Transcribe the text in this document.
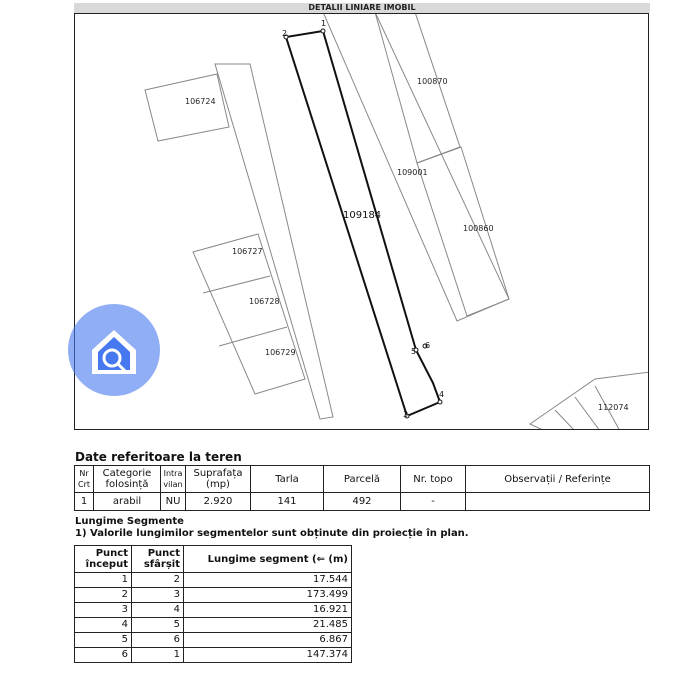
DETALII LINIARE IMOBIL
106724
100870
109001
100860
106727
106728
106729
112074
109184
1
2
3
4
5
6
Date referitoare la teren
Nr Crt	Categorie folosință	Intra vilan	Suprafața (mp)	Tarla	Parcelă	Nr. topo	Observații / Referințe
1	arabil	NU	2.920	141	492	-	
Lungime Segmente
1) Valorile lungimilor segmentelor sunt obținute din proiecție în plan.
Punct început	Punct sfârșit	Lungime segment (⇐ (m)
1	2	17.544
2	3	173.499
3	4	16.921
4	5	21.485
5	6	6.867
6	1	147.374
